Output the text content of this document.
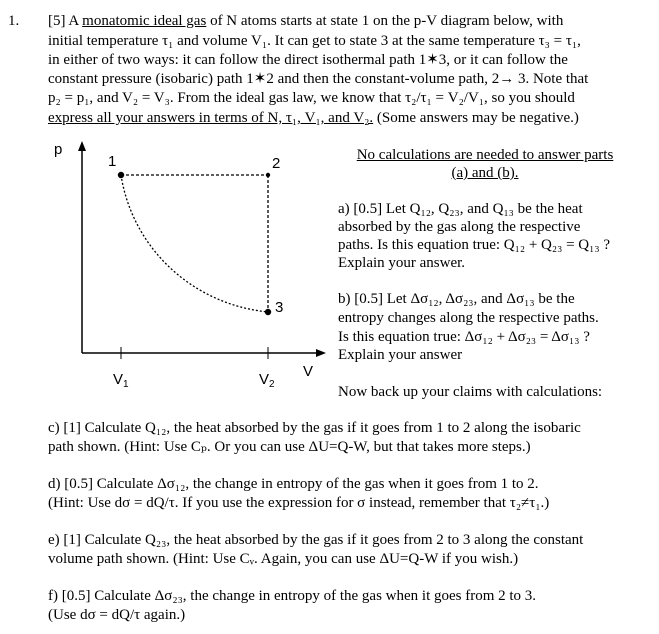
1. [5] A monatomic ideal gas of N atoms starts at state 1 on the p-V diagram below, with
initial temperature τ₁ and volume V₁. It can get to state 3 at the same temperature τ₃ = τ₁,
in either of two ways: it can follow the direct isothermal path 1✶3, or it can follow the
constant pressure (isobaric) path 1✶2 and then the constant-volume path, 2→ 3. Note that
p₂ = p₁, and V₂ = V₃. From the ideal gas law, we know that τ₂/τ₁ = V₂/V₁, so you should
express all your answers in terms of N, τ₁, V₁, and V₂. (Some answers may be negative.)
p
V
$V_1$	$V_2$
1	2
3
No calculations are needed to answer parts
(a) and (b).
a) [0.5] Let Q₁₂, Q₂₃, and Q₁₃ be the heat
absorbed by the gas along the respective
paths. Is this equation true: Q₁₂ + Q₂₃ = Q₁₃ ?
Explain your answer.
b) [0.5] Let Δσ₁₂, Δσ₂₃, and Δσ₁₃ be the
entropy changes along the respective paths.
Is this equation true: Δσ₁₂ + Δσ₂₃ = Δσ₁₃ ?
Explain your answer
Now back up your claims with calculations:
c) [1] Calculate Q₁₂, the heat absorbed by the gas if it goes from 1 to 2 along the isobaric
path shown. (Hint: Use Cₚ. Or you can use ΔU=Q-W, but that takes more steps.)
d) [0.5] Calculate Δσ₁₂, the change in entropy of the gas when it goes from 1 to 2.
(Hint: Use dσ = dQ/τ. If you use the expression for σ instead, remember that τ₂≠τ₁.)
e) [1] Calculate Q₂₃, the heat absorbed by the gas if it goes from 2 to 3 along the constant
volume path shown. (Hint: Use Cᵥ. Again, you can use ΔU=Q-W if you wish.)
f) [0.5] Calculate Δσ₂₃, the change in entropy of the gas when it goes from 2 to 3.
(Use dσ = dQ/τ again.)
